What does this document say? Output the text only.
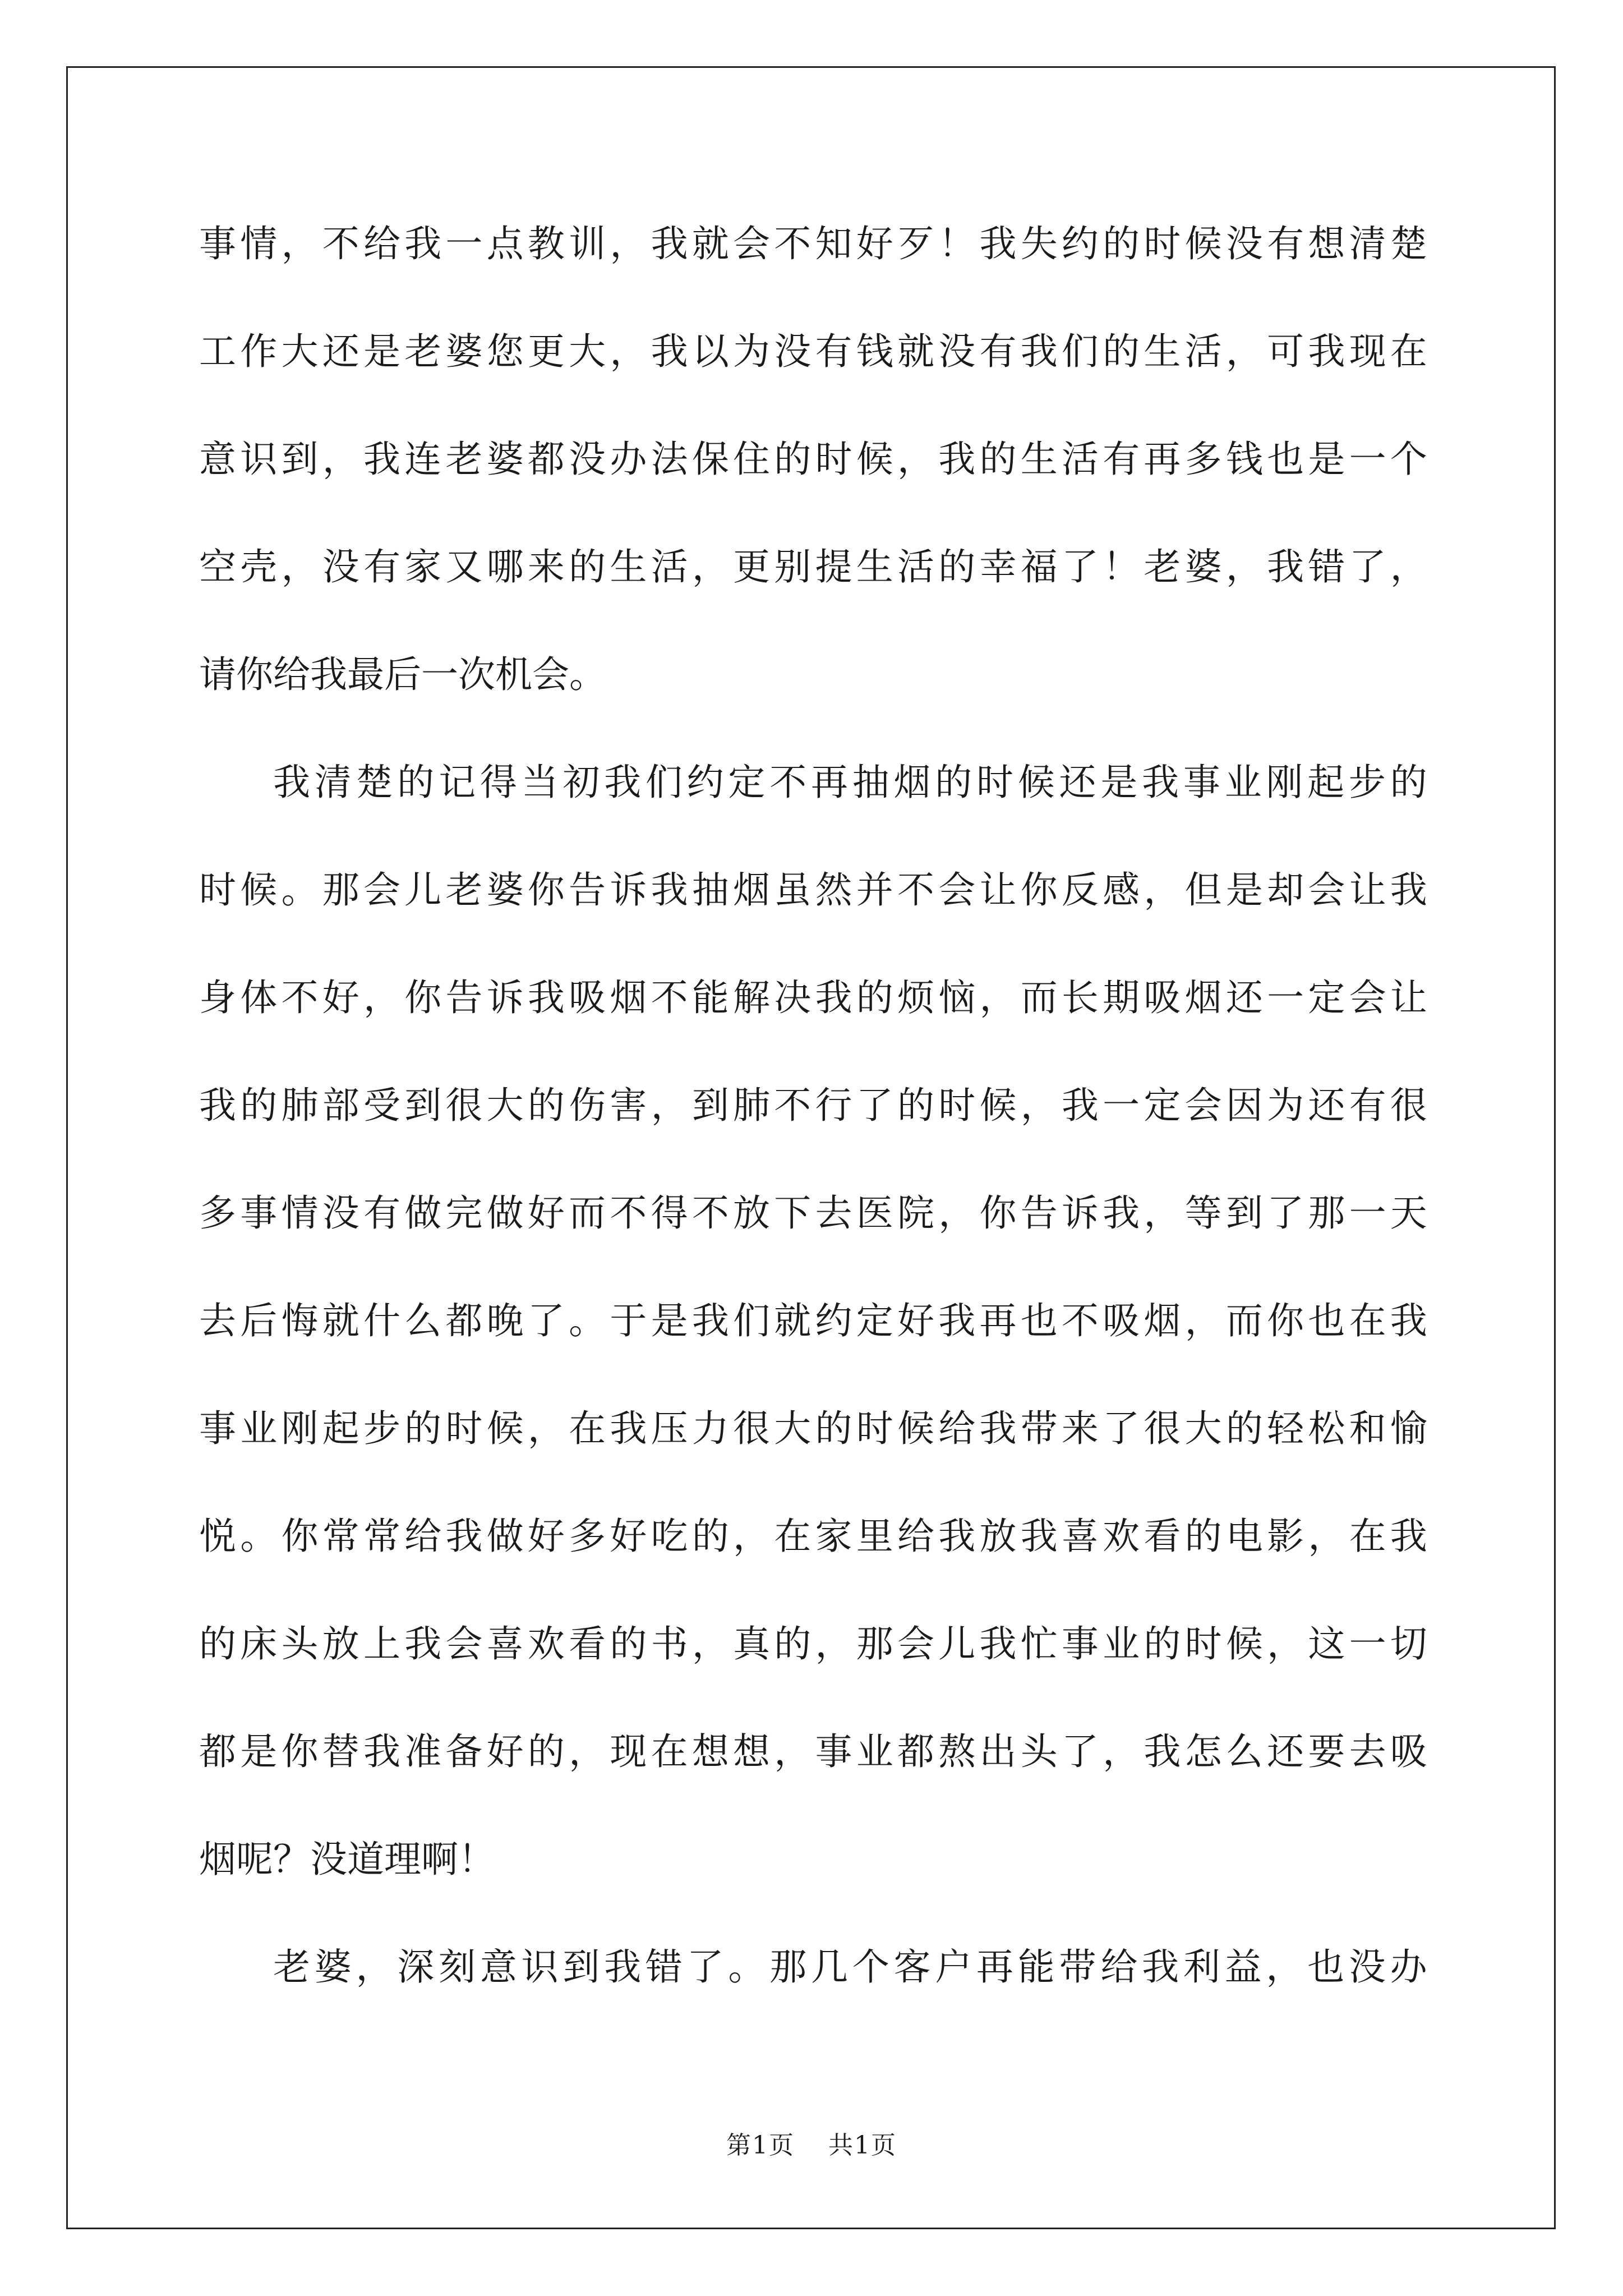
事 情 ， 不 给 我 一 点 教 训 ， 我 就 会 不 知 好 歹 ！ 我 失 约 的 时 候 没 有 想 清 楚
工 作 大 还 是 老 婆 您 更 大 ， 我 以 为 没 有 钱 就 没 有 我 们 的 生 活 ， 可 我 现 在
意 识 到 ， 我 连 老 婆 都 没 办 法 保 住 的 时 候 ， 我 的 生 活 有 再 多 钱 也 是 一 个
空 壳 ， 没 有 家 又 哪 来 的 生 活 ， 更 别 提 生 活 的 幸 福 了 ！ 老 婆 ， 我 错 了 ，
请你给我最后一次机会。
我 清 楚 的 记 得 当 初 我 们 约 定 不 再 抽 烟 的 时 候 还 是 我 事 业 刚 起 步 的
时 候 。 那 会 儿 老 婆 你 告 诉 我 抽 烟 虽 然 并 不 会 让 你 反 感 ， 但 是 却 会 让 我
身 体 不 好 ， 你 告 诉 我 吸 烟 不 能 解 决 我 的 烦 恼 ， 而 长 期 吸 烟 还 一 定 会 让
我 的 肺 部 受 到 很 大 的 伤 害 ， 到 肺 不 行 了 的 时 候 ， 我 一 定 会 因 为 还 有 很
多 事 情 没 有 做 完 做 好 而 不 得 不 放 下 去 医 院 ， 你 告 诉 我 ， 等 到 了 那 一 天
去 后 悔 就 什 么 都 晚 了 。 于 是 我 们 就 约 定 好 我 再 也 不 吸 烟 ， 而 你 也 在 我
事 业 刚 起 步 的 时 候 ， 在 我 压 力 很 大 的 时 候 给 我 带 来 了 很 大 的 轻 松 和 愉
悦 。 你 常 常 给 我 做 好 多 好 吃 的 ， 在 家 里 给 我 放 我 喜 欢 看 的 电 影 ， 在 我
的 床 头 放 上 我 会 喜 欢 看 的 书 ， 真 的 ， 那 会 儿 我 忙 事 业 的 时 候 ， 这 一 切
都 是 你 替 我 准 备 好 的 ， 现 在 想 想 ， 事 业 都 熬 出 头 了 ， 我 怎 么 还 要 去 吸
烟呢？没道理啊！
老 婆 ， 深 刻 意 识 到 我 错 了 。 那 几 个 客 户 再 能 带 给 我 利 益 ， 也 没 办
第1页 共1页
